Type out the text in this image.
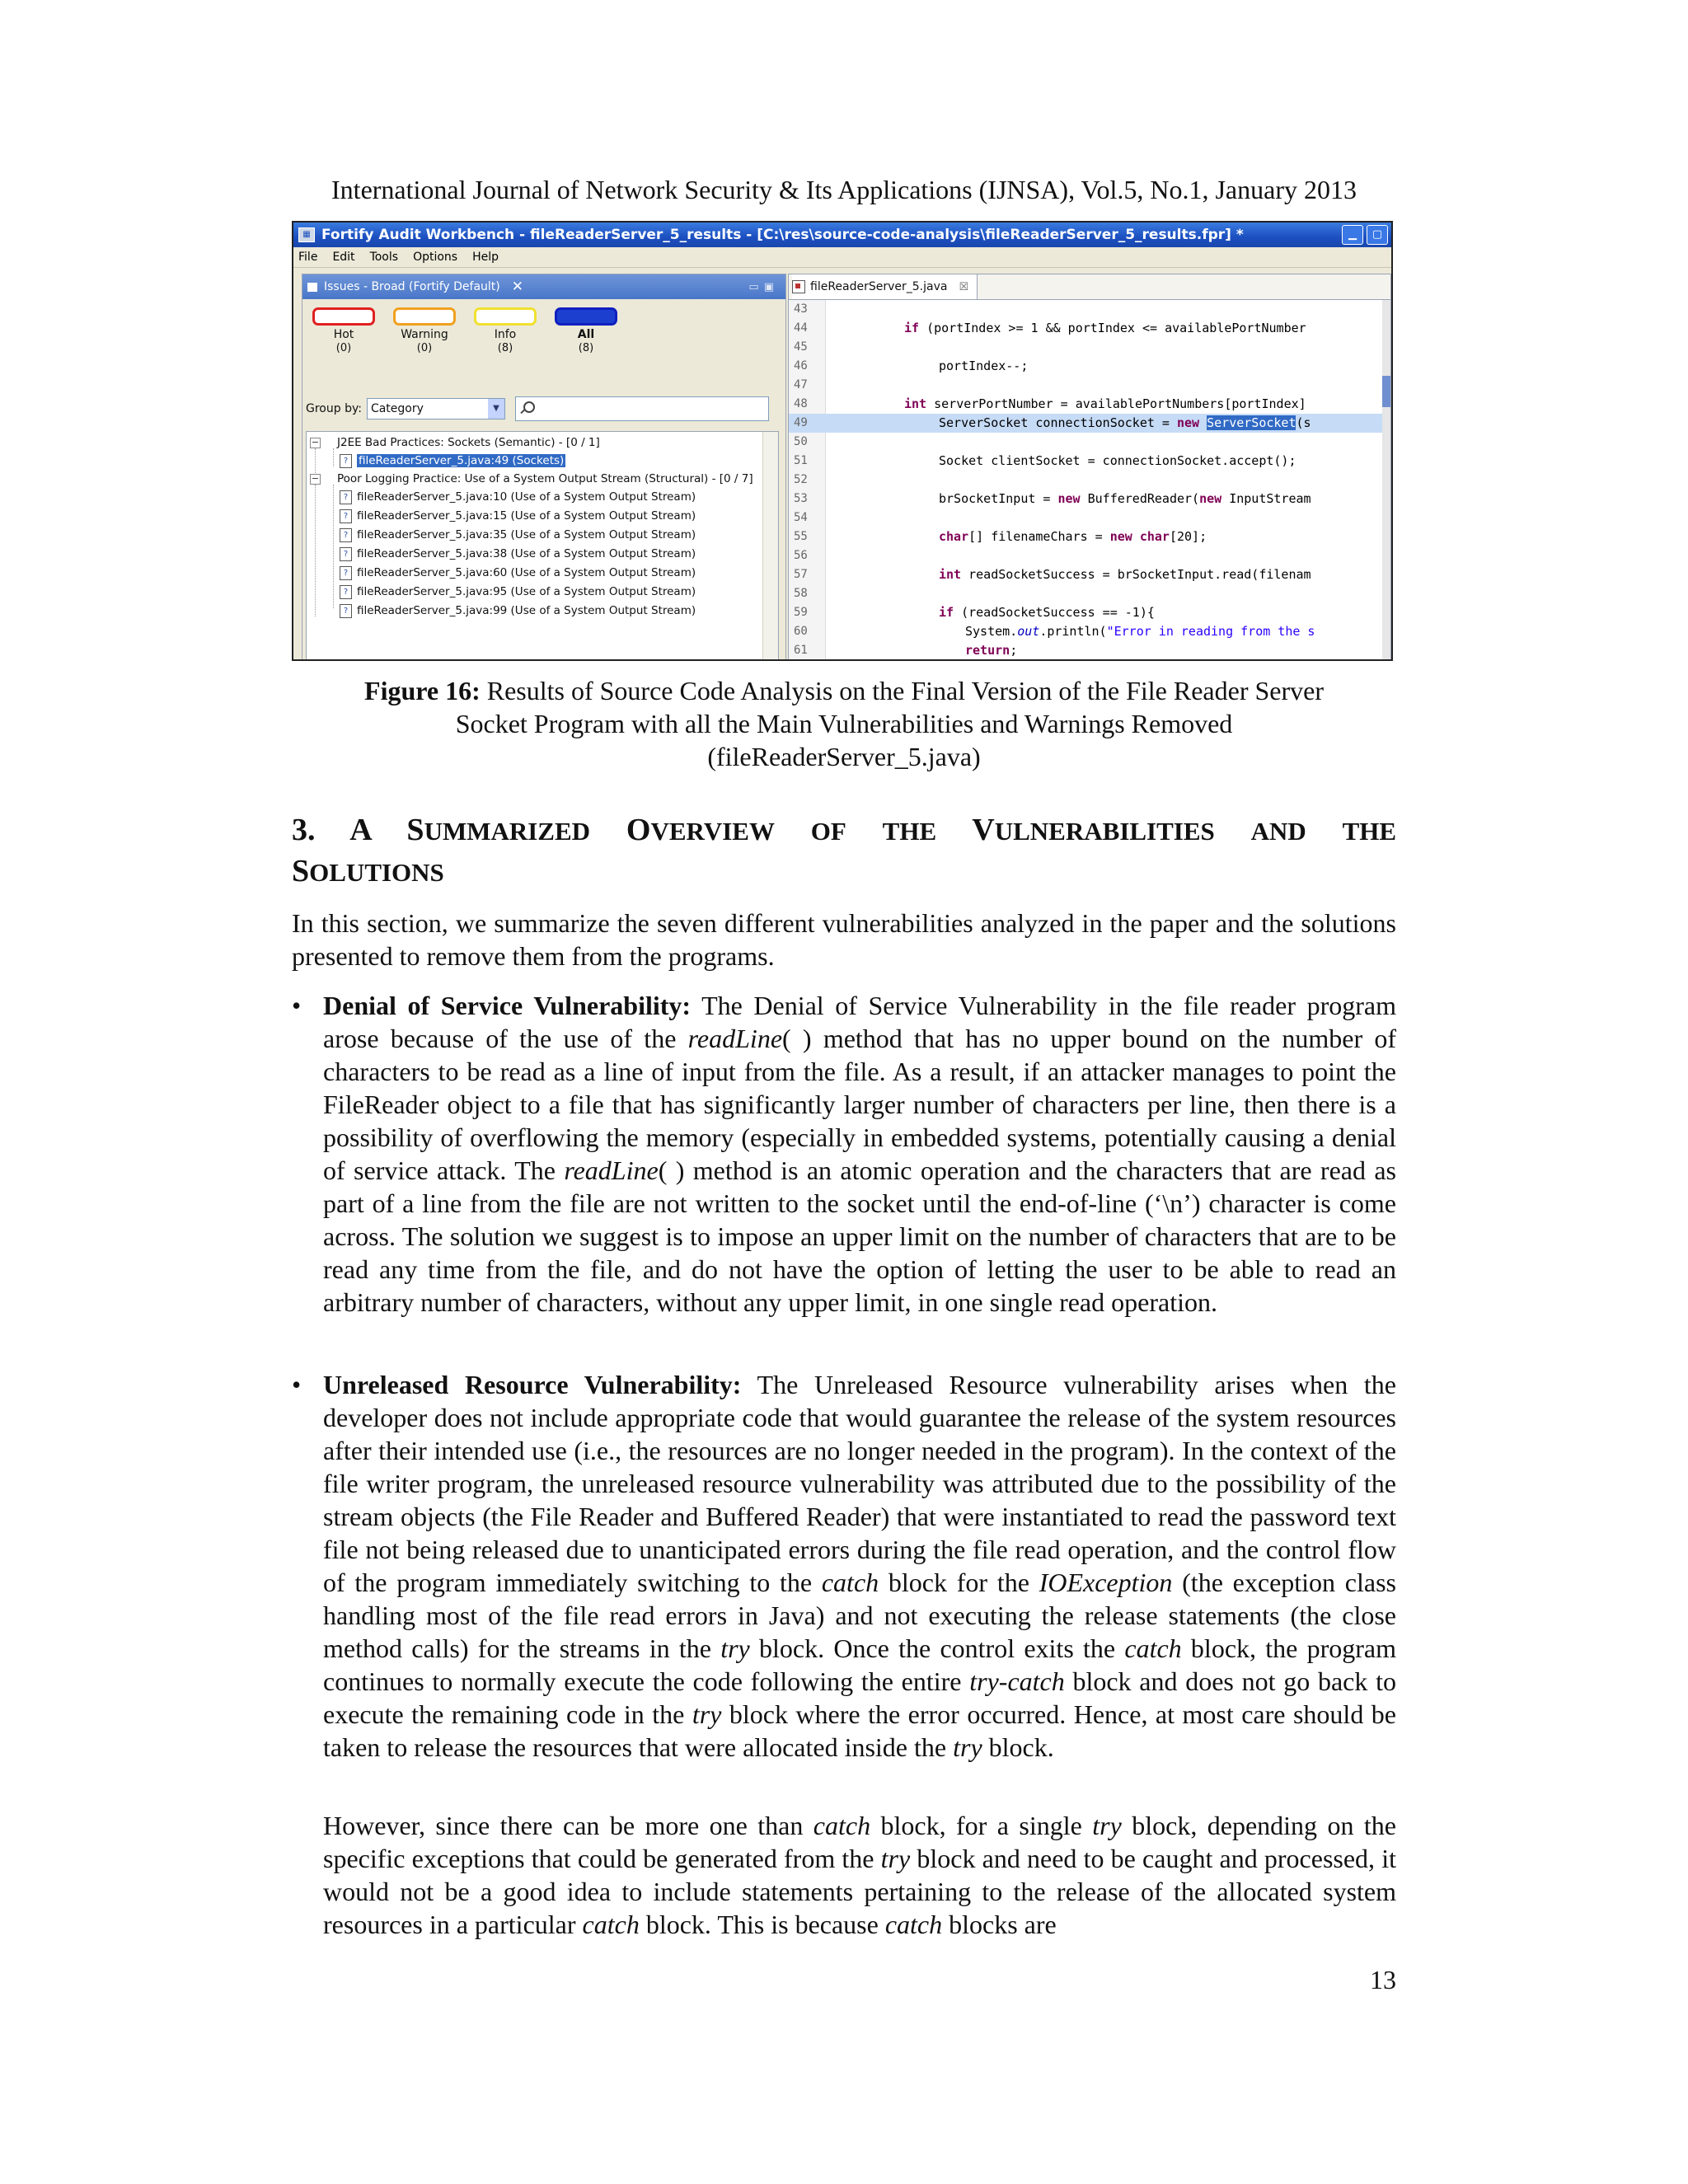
International Journal of Network Security & Its Applications (IJNSA), Vol.5, No.1, January 2013
▦ Fortify Audit Workbench - fileReaderServer_5_results - [C:\res\source-code-analysis\fileReaderServer_5_results.fpr] *	▁	▢
File Edit Tools Options Help
Issues - Broad (Fortify Default) ✕	▭▣
Hot
(0)
Warning
(0)
Info
(8)
All
(8)
Group by: Category	▼
− J2EE Bad Practices: Sockets (Semantic) - [0 / 1]
? fileReaderServer_5.java:49 (Sockets)
− Poor Logging Practice: Use of a System Output Stream (Structural) - [0 / 7]
? fileReaderServer_5.java:10 (Use of a System Output Stream)
? fileReaderServer_5.java:15 (Use of a System Output Stream)
? fileReaderServer_5.java:35 (Use of a System Output Stream)
? fileReaderServer_5.java:38 (Use of a System Output Stream)
? fileReaderServer_5.java:60 (Use of a System Output Stream)
? fileReaderServer_5.java:95 (Use of a System Output Stream)
? fileReaderServer_5.java:99 (Use of a System Output Stream)
fileReaderServer_5.java ☒
43
44	if (portIndex >= 1 && portIndex <= availablePortNumber
45
46	portIndex--;
47
48	int serverPortNumber = availablePortNumbers[portIndex]
49	ServerSocket connectionSocket = new ServerSocket(s
50
51	Socket clientSocket = connectionSocket.accept();
52
53	brSocketInput = new BufferedReader(new InputStream
54
55	char[] filenameChars = new char[20];
56
57	int readSocketSuccess = brSocketInput.read(filenam
58
59	if (readSocketSuccess == -1){
60	System.out.println("Error in reading from the s
61	return;
Figure 16: Results of Source Code Analysis on the Final Version of the File Reader Server
Socket Program with all the Main Vulnerabilities and Warnings Removed
(fileReaderServer_5.java)
3. A SUMMARIZED OVERVIEW OF THE VULNERABILITIES AND THE
SOLUTIONS
In this section, we summarize the seven different vulnerabilities analyzed in the paper and the solutions presented to remove them from the programs.
• Denial of Service Vulnerability: The Denial of Service Vulnerability in the file reader program arose because of the use of the readLine( ) method that has no upper bound on the number of characters to be read as a line of input from the file. As a result, if an attacker manages to point the FileReader object to a file that has significantly larger number of characters per line, then there is a possibility of overflowing the memory (especially in embedded systems, potentially causing a denial of service attack. The readLine( ) method is an atomic operation and the characters that are read as part of a line from the file are not written to the socket until the end-of-line (‘\n’) character is come across. The solution we suggest is to impose an upper limit on the number of characters that are to be read any time from the file, and do not have the option of letting the user to be able to read an arbitrary number of characters, without any upper limit, in one single read operation.
• Unreleased Resource Vulnerability: The Unreleased Resource vulnerability arises when the developer does not include appropriate code that would guarantee the release of the system resources after their intended use (i.e., the resources are no longer needed in the program). In the context of the file writer program, the unreleased resource vulnerability was attributed due to the possibility of the stream objects (the File Reader and Buffered Reader) that were instantiated to read the password text file not being released due to unanticipated errors during the file read operation, and the control flow of the program immediately switching to the catch block for the IOException (the exception class handling most of the file read errors in Java) and not executing the release statements (the close method calls) for the streams in the try block. Once the control exits the catch block, the program continues to normally execute the code following the entire try-catch block and does not go back to execute the remaining code in the try block where the error occurred. Hence, at most care should be taken to release the resources that were allocated inside the try block.
However, since there can be more one than catch block, for a single try block, depending on the specific exceptions that could be generated from the try block and need to be caught and processed, it would not be a good idea to include statements pertaining to the release of the allocated system resources in a particular catch block. This is because catch blocks are
13
